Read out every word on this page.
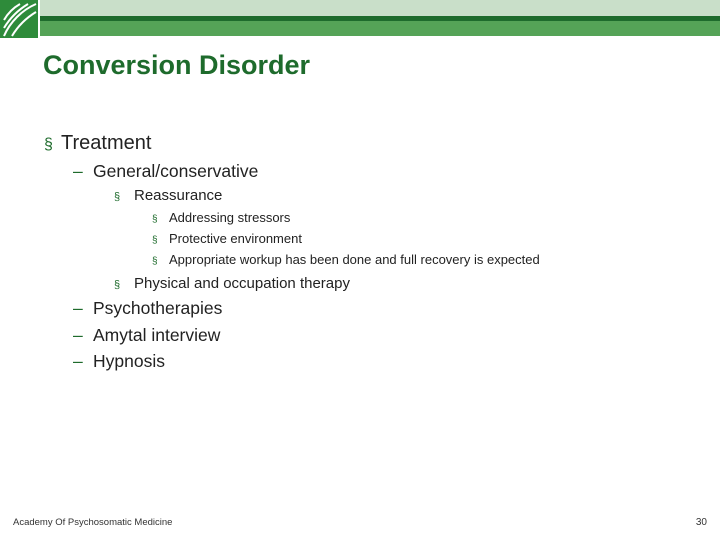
Conversion Disorder
§ Treatment
– General/conservative
§ Reassurance
§ Addressing stressors
§ Protective environment
§ Appropriate workup has been done and full recovery is expected
§ Physical and occupation therapy
– Psychotherapies
– Amytal interview
– Hypnosis
Academy Of Psychosomatic Medicine	30
